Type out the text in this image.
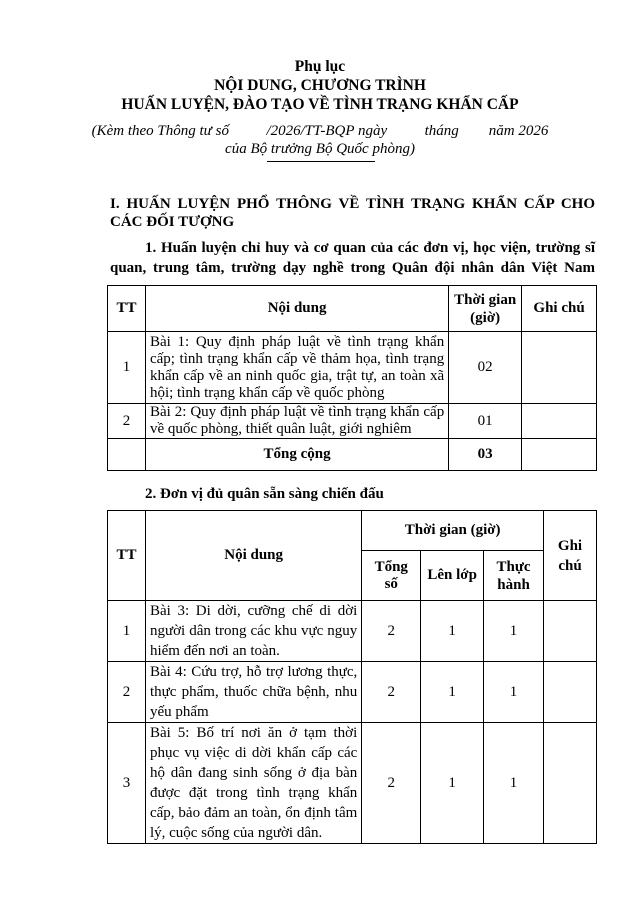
Phụ lục
NỘI DUNG, CHƯƠNG TRÌNH
HUẤN LUYỆN, ĐÀO TẠO VỀ TÌNH TRẠNG KHẨN CẤP
(Kèm theo Thông tư số          /2026/TT-BQP ngày          tháng        năm 2026
của Bộ trưởng Bộ Quốc phòng)
I. HUẤN LUYỆN PHỔ THÔNG VỀ TÌNH TRẠNG KHẨN CẤP CHO
CÁC ĐỐI TƯỢNG
1. Huấn luyện chỉ huy và cơ quan của các đơn vị, học viện, trường sĩ
quan, trung tâm, trường dạy nghề trong Quân đội nhân dân Việt Nam
TT	Nội dung	Thời gian (giờ)	Ghi chú
1	Bài 1: Quy định pháp luật về tình trạng khẩn cấp; tình trạng khẩn cấp về thảm họa, tình trạng khẩn cấp về an ninh quốc gia, trật tự, an toàn xã hội; tình trạng khẩn cấp về quốc phòng	02	
2	Bài 2: Quy định pháp luật về tình trạng khẩn cấp về quốc phòng, thiết quân luật, giới nghiêm	01	
	Tổng cộng	03	
2. Đơn vị đủ quân sẵn sàng chiến đấu
TT	Nội dung	Thời gian (giờ)			Ghi chú
		Tổng số	Lên lớp	Thực hành	
1	Bài 3: Di dời, cưỡng chế di dời người dân trong các khu vực nguy hiểm đến nơi an toàn.	2	1	1	
2	Bài 4: Cứu trợ, hỗ trợ lương thực, thực phẩm, thuốc chữa bệnh, nhu yếu phẩm	2	1	1	
3	Bài 5: Bố trí nơi ăn ở tạm thời phục vụ việc di dời khẩn cấp các hộ dân đang sinh sống ở địa bàn được đặt trong tình trạng khẩn cấp, bảo đảm an toàn, ổn định tâm lý, cuộc sống của người dân.	2	1	1	
